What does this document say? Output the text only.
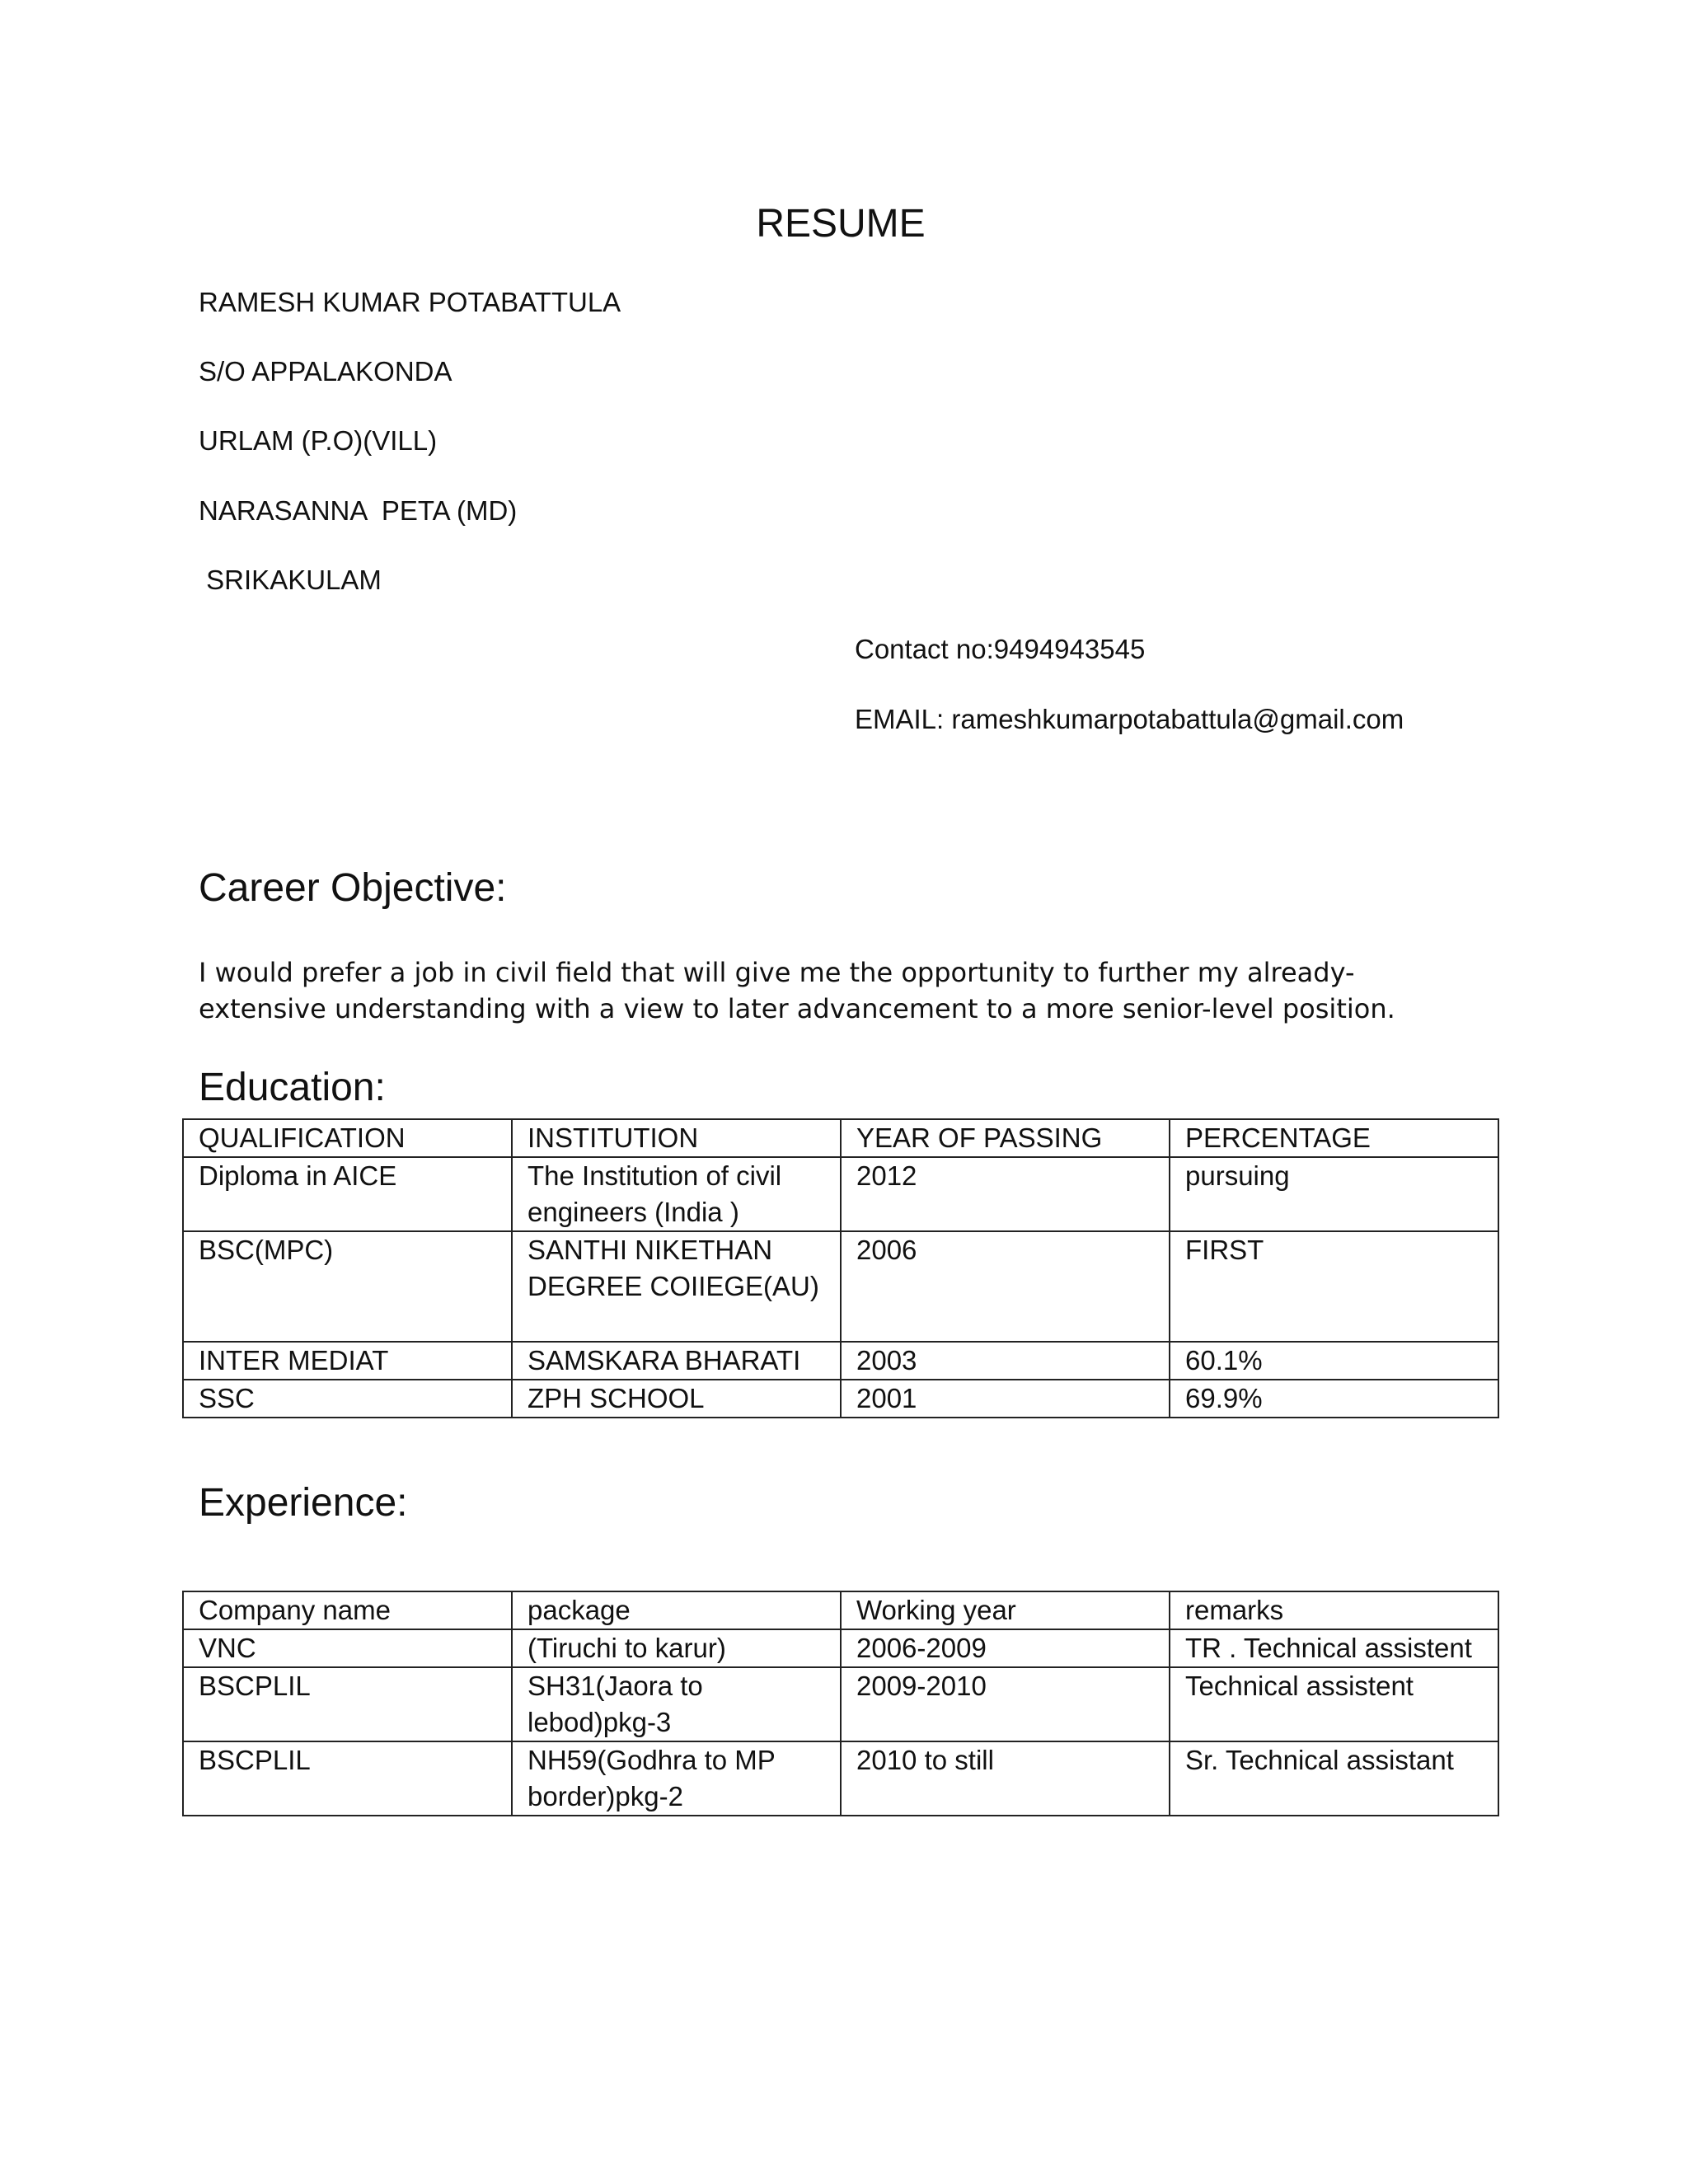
RESUME
RAMESH KUMAR POTABATTULA
S/O APPALAKONDA
URLAM (P.O)(VILL)
NARASANNA  PETA (MD)
SRIKAKULAM
Contact no:9494943545
EMAIL: rameshkumarpotabattula@gmail.com
Career Objective:
I would prefer a job in civil field that will give me the opportunity to further my already-
extensive understanding with a view to later advancement to a more senior-level position.
Education:
QUALIFICATION	INSTITUTION	YEAR OF PASSING	PERCENTAGE
Diploma in AICE	The Institution of civil engineers (India )	2012	pursuing
BSC(MPC)	SANTHI NIKETHAN DEGREE COIIEGE(AU)	2006	FIRST
INTER MEDIAT	SAMSKARA BHARATI	2003	60.1%
SSC	ZPH SCHOOL	2001	69.9%
Experience:
Company name	package	Working year	remarks
VNC	(Tiruchi to karur)	2006-2009	TR . Technical assistent
BSCPLIL	SH31(Jaora to lebod)pkg-3	2009-2010	Technical assistent
BSCPLIL	NH59(Godhra to MP border)pkg-2	2010 to still	Sr. Technical assistant
